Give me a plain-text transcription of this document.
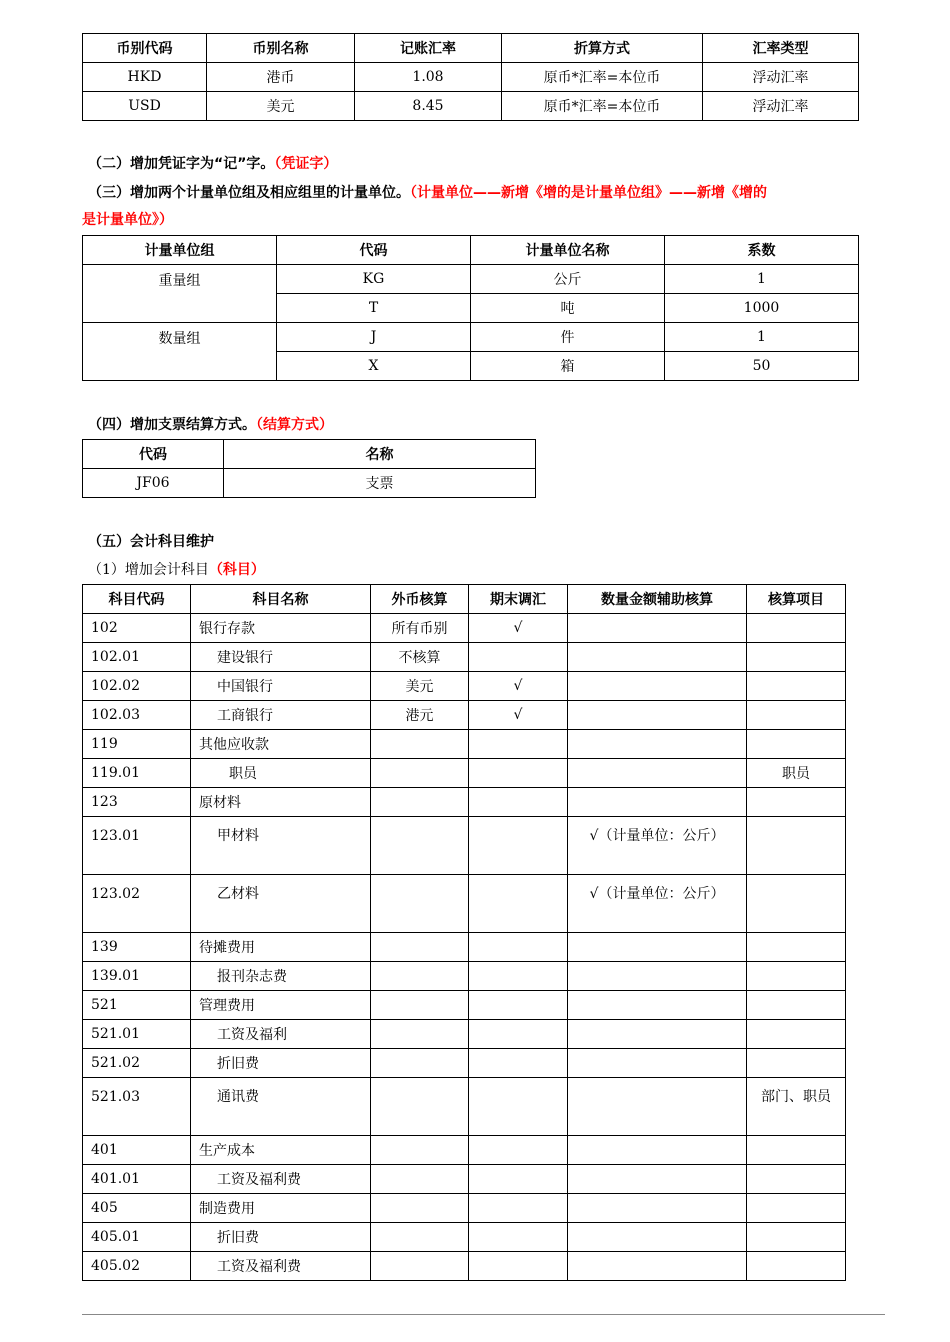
币别代码	币别名称	记账汇率	折算方式	汇率类型
HKD	港币	1.08	原币*汇率=本位币	浮动汇率
USD	美元	8.45	原币*汇率=本位币	浮动汇率

（二）增加凭证字为“记”字。（凭证字）

（三）增加两个计量单位组及相应组里的计量单位。（计量单位——新增《增的是计量单位组》——新增《增的

是计量单位》）

计量单位组	代码	计量单位名称	系数
重量组	KG	公斤	1
	T	吨	1000
数量组	J	件	1
	X	箱	50

（四）增加支票结算方式。（结算方式）

代码	名称
JF06	支票

（五）会计科目维护

（1）增加会计科目（科目）
科目代码	科目名称	外币核算	期末调汇	数量金额辅助核算	核算项目
102	银行存款	所有币别	√		
102.01	建设银行	不核算			
102.02	中国银行	美元	√		
102.03	工商银行	港元	√		
119	其他应收款				
119.01	职员				职员
123	原材料				
123.01	甲材料			√（计量单位：公斤）	
123.02	乙材料			√（计量单位：公斤）	
139	待摊费用				
139.01	报刊杂志费				
521	管理费用				
521.01	工资及福利				
521.02	折旧费				
521.03	通讯费				部门、职员
401	生产成本				
401.01	工资及福利费				
405	制造费用				
405.01	折旧费				
405.02	工资及福利费				
